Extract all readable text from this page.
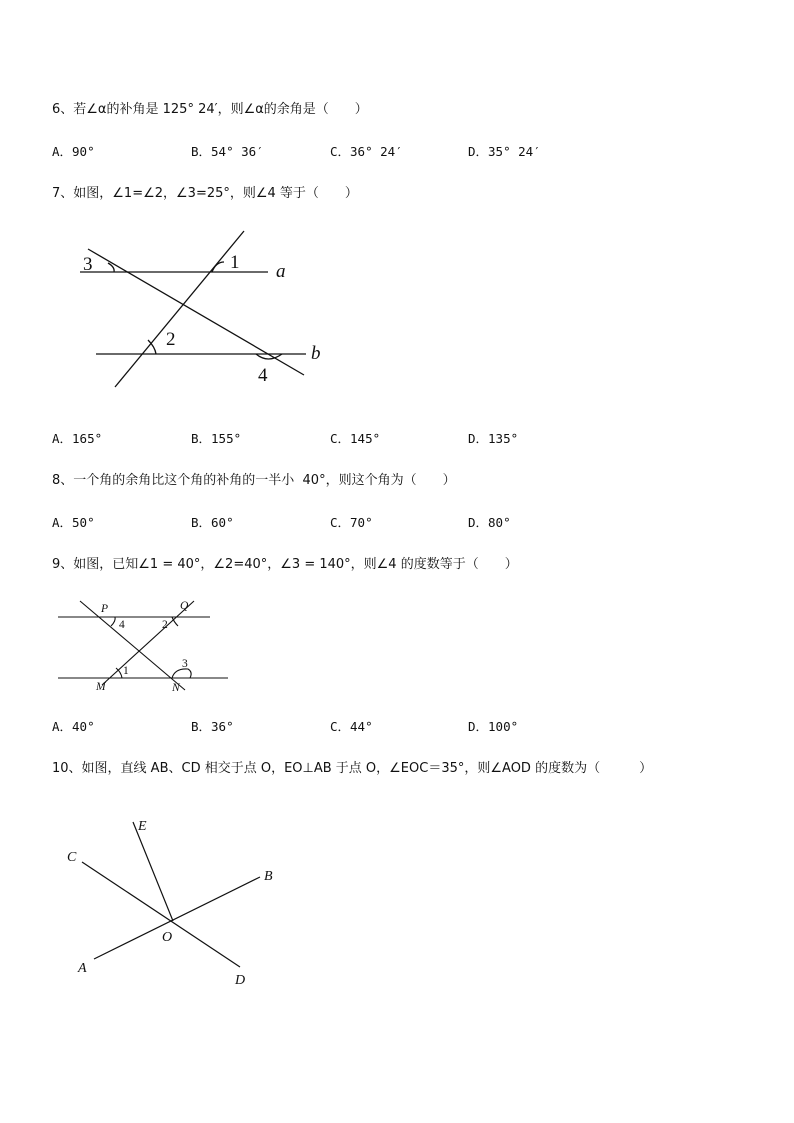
6、若∠α的补角是 125° 24′，则∠α的余角是（　　）
A．90°	B．54° 36′	C．36° 24′	D．35° 24′
7、如图，∠1=∠2，∠3=25°，则∠4 等于（　　）
3	1 a
2
b
4
A．165°	B．155°	C．145°	D．135°
8、一个角的余角比这个角的补角的一半小  40°，则这个角为（　　）
A．50°	B．60°	C．70°	D．80°
9、如图，已知∠1 = 40°，∠2=40°，∠3 = 140°，则∠4 的度数等于（　　）
P	Q
4	2
1
3
M	N
A．40°	B．36°	C．44°	D．100°
10、如图，直线 AB、CD 相交于点 O，EO⊥AB 于点 O，∠EOC＝35°，则∠AOD 的度数为（　　　）
E
C
B
O
A
D
